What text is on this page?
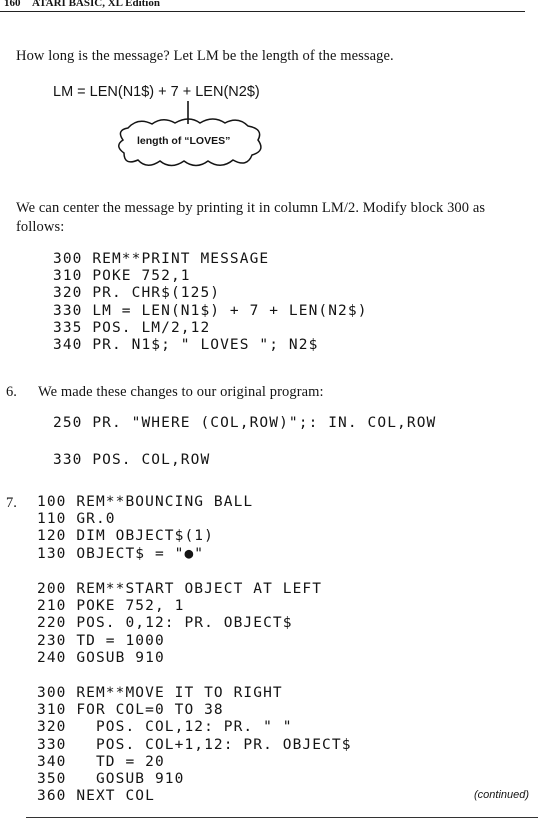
160 ATARI BASIC, XL Edition
How long is the message? Let LM be the length of the message.
LM = LEN(N1$) + 7 + LEN(N2$)
length of “LOVES”
We can center the message by printing it in column LM/2. Modify block 300 as follows:
300 REM**PRINT MESSAGE
310 POKE 752,1
320 PR. CHR$(125)
330 LM = LEN(N1$) + 7 + LEN(N2$)
335 POS. LM/2,12
340 PR. N1$; " LOVES "; N2$
6. We made these changes to our original program:
250 PR. "WHERE (COL,ROW)";: IN. COL,ROW
330 POS. COL,ROW
7. 100 REM**BOUNCING BALL
110 GR.0
120 DIM OBJECT$(1)
130 OBJECT$ = "●"
200 REM**START OBJECT AT LEFT
210 POKE 752, 1
220 POS. 0,12: PR. OBJECT$
230 TD = 1000
240 GOSUB 910
300 REM**MOVE IT TO RIGHT
310 FOR COL=0 TO 38
320   POS. COL,12: PR. " "
330   POS. COL+1,12: PR. OBJECT$
340   TD = 20
350   GOSUB 910
360 NEXT COL	(continued)
